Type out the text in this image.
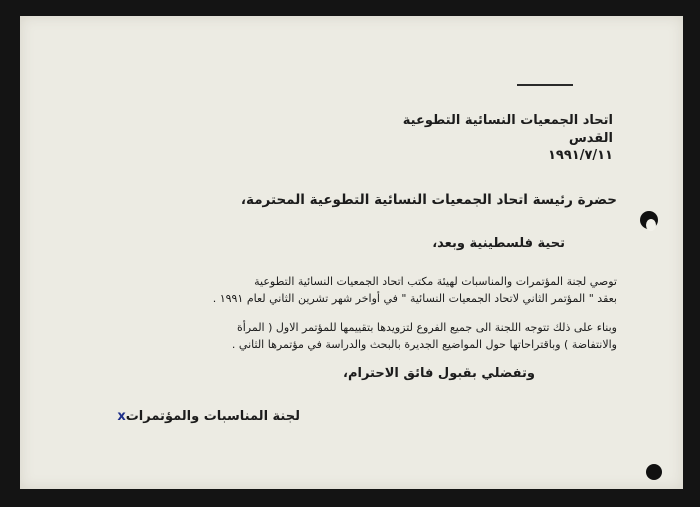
اتحاد الجمعيات النسائية التطوعية
القدس
١٩٩١/٧/١١
حضرة رئيسة اتحاد الجمعيات النسائية التطوعية المحترمة،
تحية فلسطينية وبعد،
توصي لجنة المؤتمرات والمناسبات لهيئة مكتب اتحاد الجمعيات النسائية التطوعية
بعقد " المؤتمر الثاني لاتحاد الجمعيات النسائية " في أواخر شهر تشرين الثاني لعام ١٩٩١ .
وبناء على ذلك تتوجه اللجنة الى جميع الفروع لتزويدها بتقييمها للمؤتمر الاول ( المرأة
والانتفاضة ) وباقتراحاتها حول المواضيع الجديرة بالبحث والدراسة في مؤتمرها الثاني .
وتفضلي بقبول فائق الاحترام،
لجنة المناسبات والمؤتمراتx
